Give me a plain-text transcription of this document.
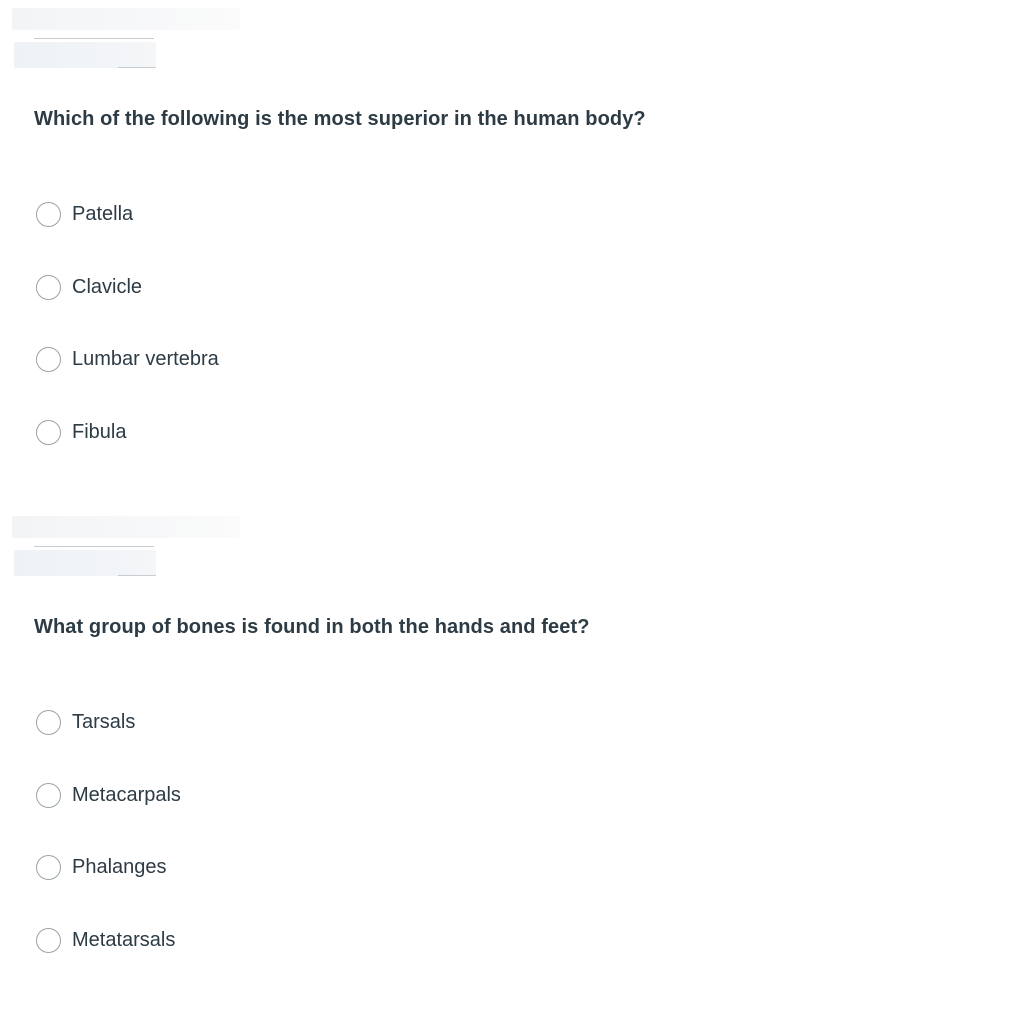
Which of the following is the most superior in the human body?

Patella
Clavicle
Lumbar vertebra
Fibula

What group of bones is found in both the hands and feet?

Tarsals
Metacarpals
Phalanges
Metatarsals
